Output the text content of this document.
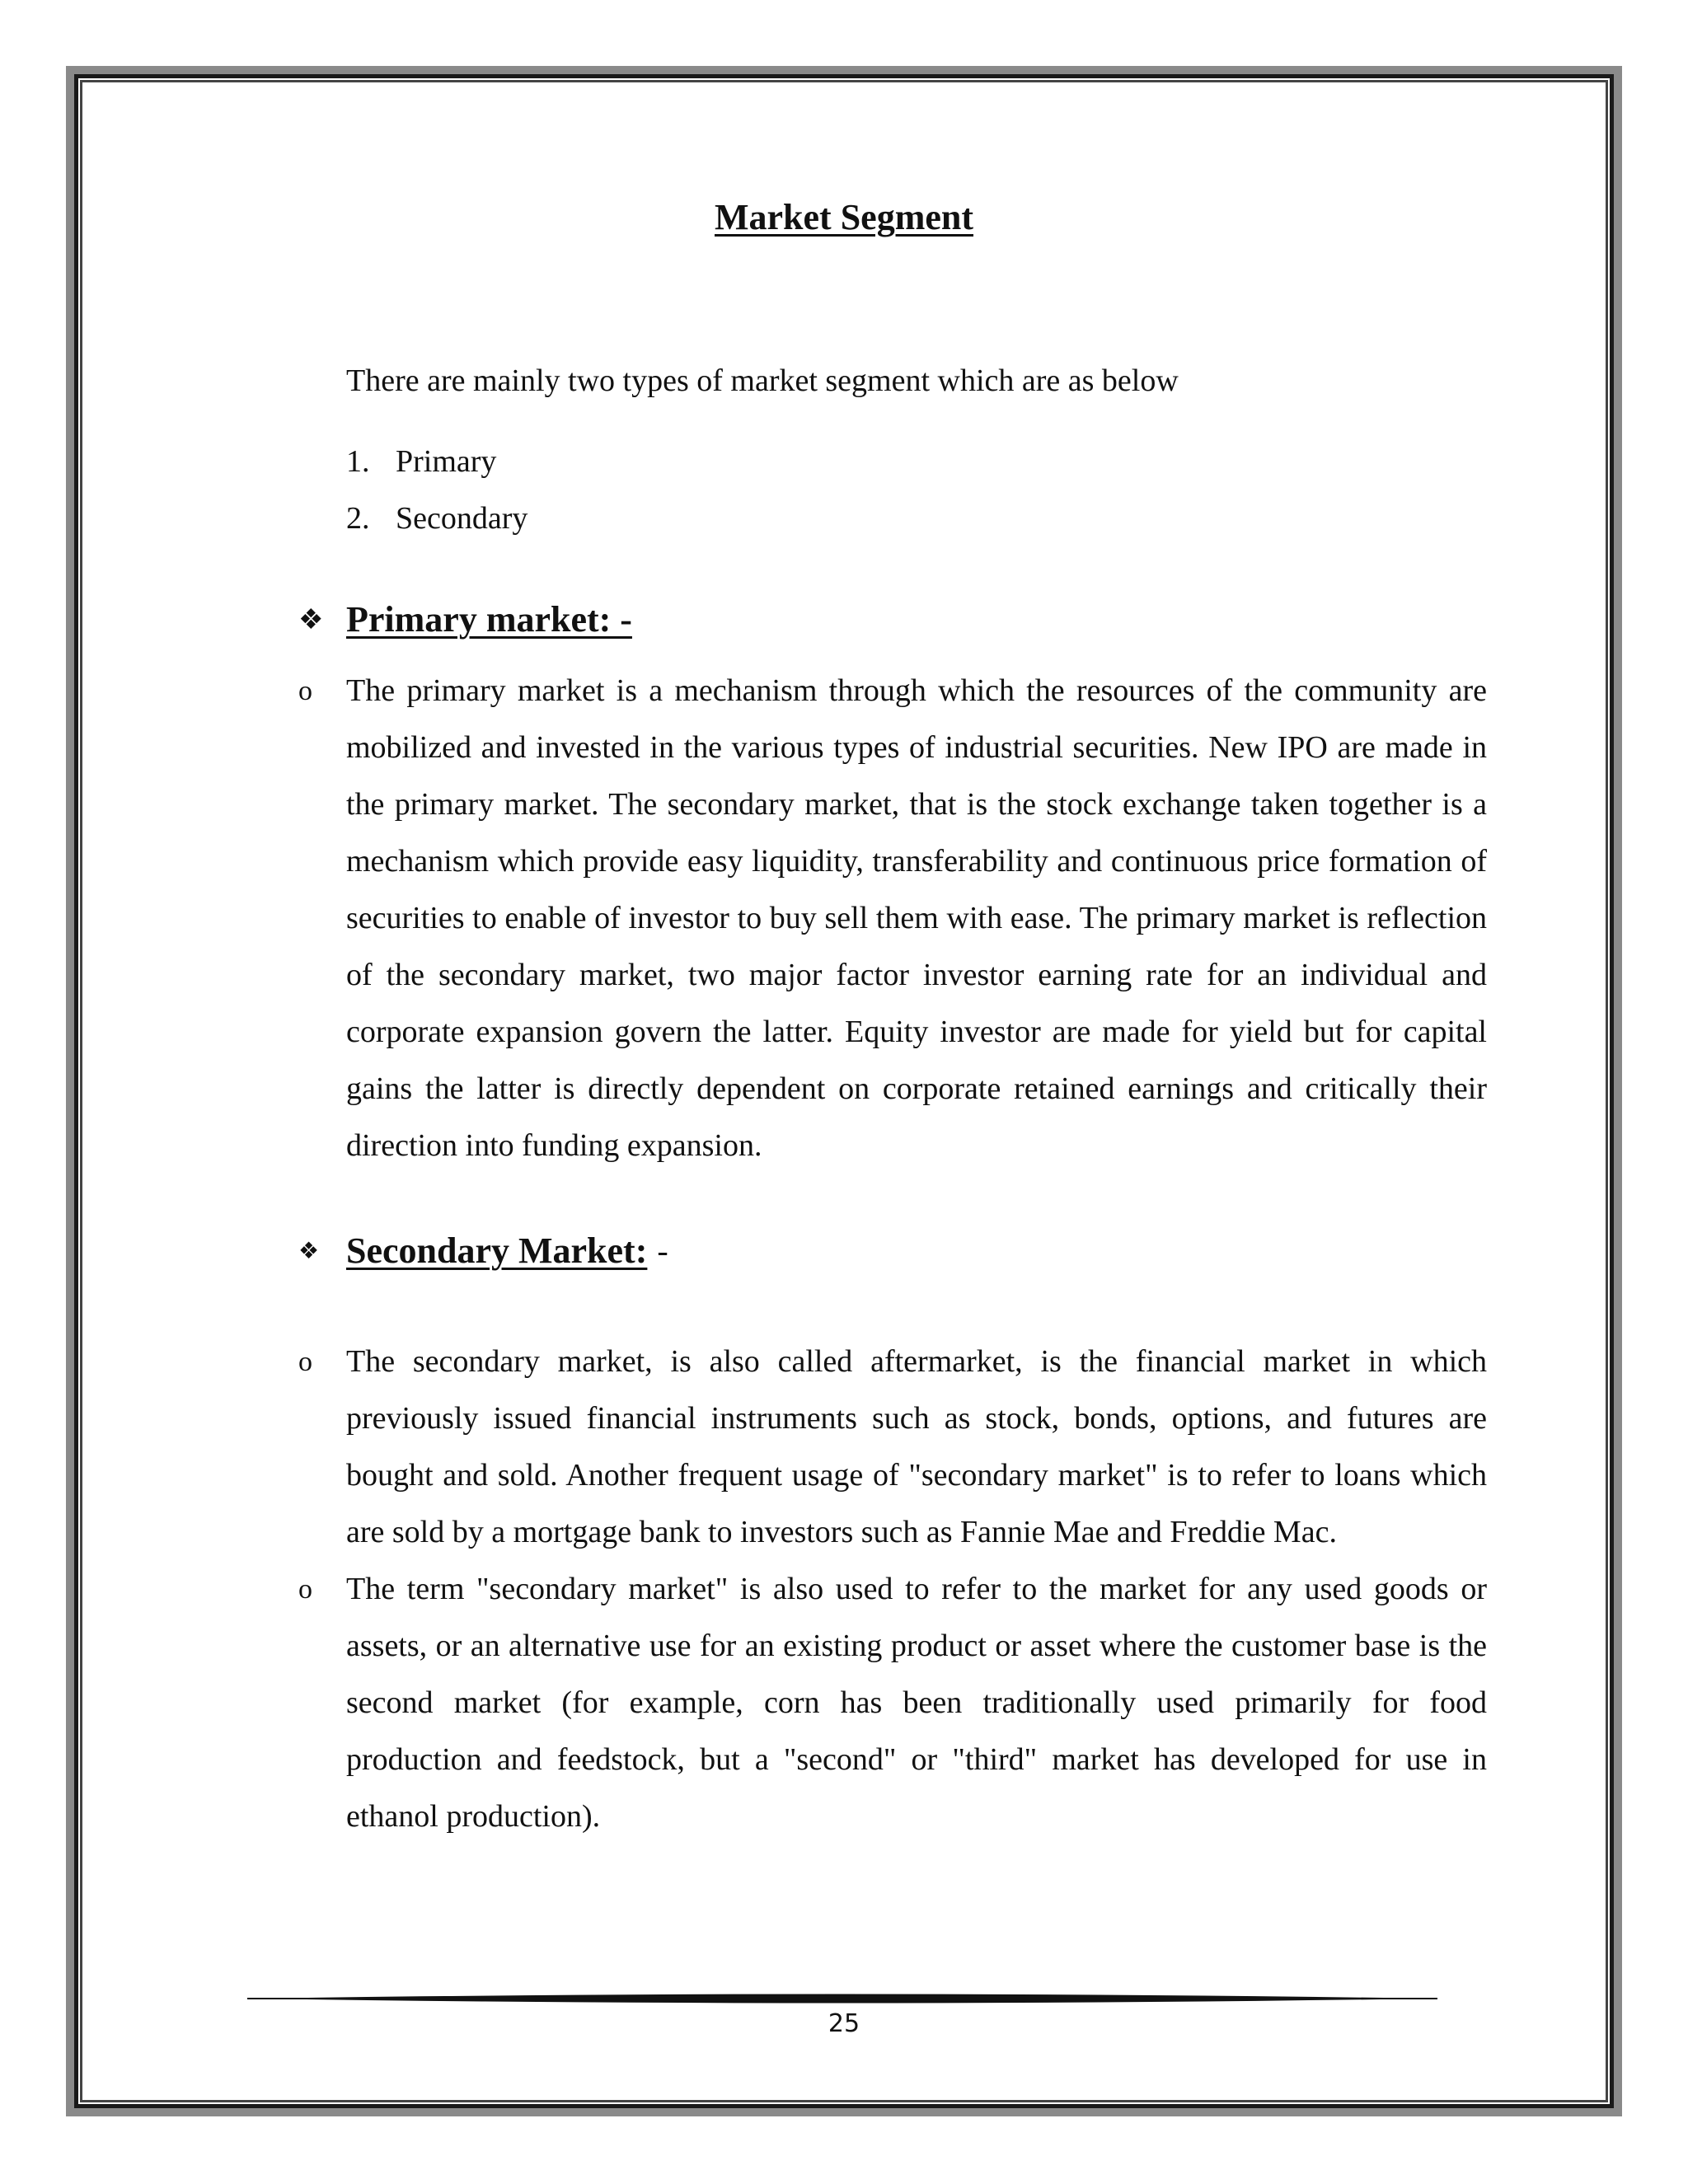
Market Segment
There are mainly two types of market segment which are as below
1. Primary
2. Secondary
❖ Primary market: -
o	The primary market is a mechanism through which the resources of the community are mobilized and invested in the various types of industrial securities. New IPO are made in the primary market. The secondary market, that is the stock exchange taken together is a mechanism which provide easy liquidity, transferability and continuous price formation of securities to enable of investor to buy sell them with ease. The primary market is reflection of the secondary market, two major factor investor earning rate for an individual and corporate expansion govern the latter. Equity investor are made for yield but for capital gains the latter is directly dependent on corporate retained earnings and critically their direction into funding expansion.
❖ Secondary Market: -
o	The secondary market, is also called aftermarket, is the financial market in which previously issued financial instruments such as stock, bonds, options, and futures are bought and sold. Another frequent usage of "secondary market" is to refer to loans which are sold by a mortgage bank to investors such as Fannie Mae and Freddie Mac.
o	The term "secondary market" is also used to refer to the market for any used goods or assets, or an alternative use for an existing product or asset where the customer base is the second market (for example, corn has been traditionally used primarily for food production and feedstock, but a "second" or "third" market has developed for use in ethanol production).
25
